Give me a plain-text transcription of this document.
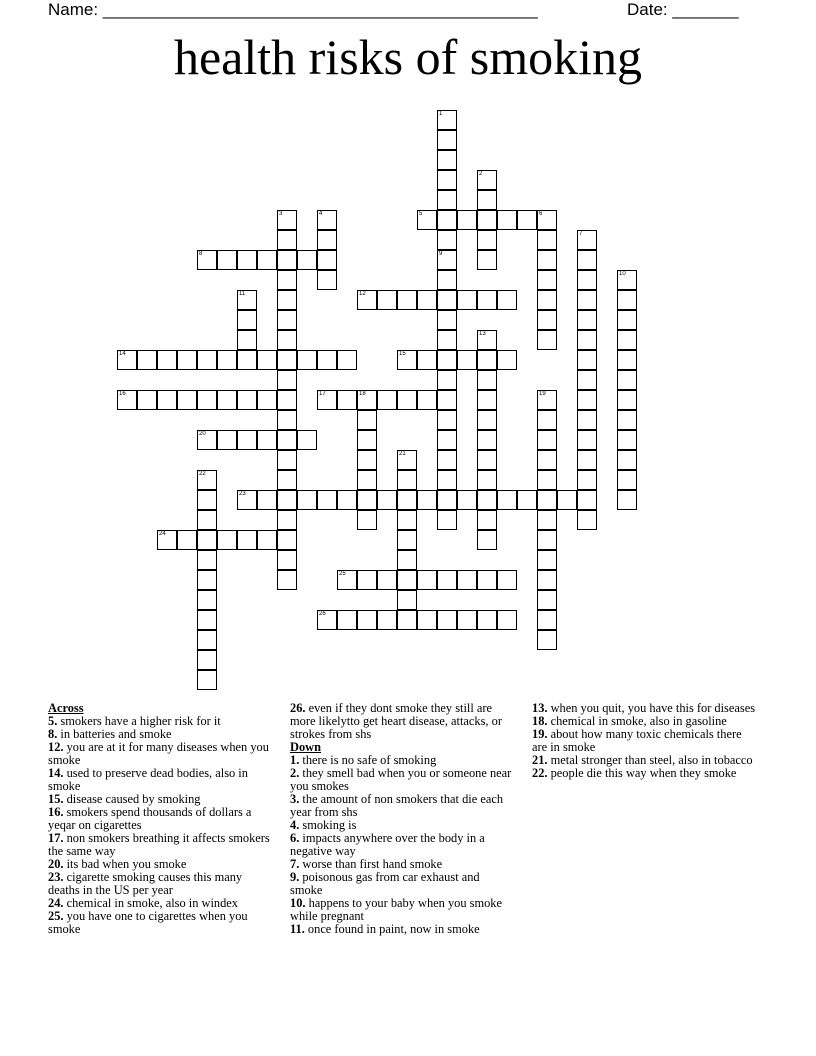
Name: ______________________________________________	Date: _______
health risks of smoking
1
9
2
3	4	5	6
7
8
10
11	12
13
14	15
16	17	18	19
20
21
22
23
24
25
26
Across
5. smokers have a higher risk for it
8. in batteries and smoke
12. you are at it for many diseases when you smoke
14. used to preserve dead bodies, also in smoke
15. disease caused by smoking
16. smokers spend thousands of dollars a yeqar on cigarettes
17. non smokers breathing it affects smokers the same way
20. its bad when you smoke
23. cigarette smoking causes this many deaths in the US per year
24. chemical in smoke, also in windex
25. you have one to cigarettes when you smoke
26. even if they dont smoke they still are more likelytto get heart disease, attacks, or strokes from shs
Down
1. there is no safe of smoking
2. they smell bad when you or someone near you smokes
3. the amount of non smokers that die each year from shs
4. smoking is
6. impacts anywhere over the body in a negative way
7. worse than first hand smoke
9. poisonous gas from car exhaust and smoke
10. happens to your baby when you smoke while pregnant
11. once found in paint, now in smoke
13. when you quit, you have this for diseases
18. chemical in smoke, also in gasoline
19. about how many toxic chemicals there are in smoke
21. metal stronger than steel, also in tobacco
22. people die this way when they smoke
